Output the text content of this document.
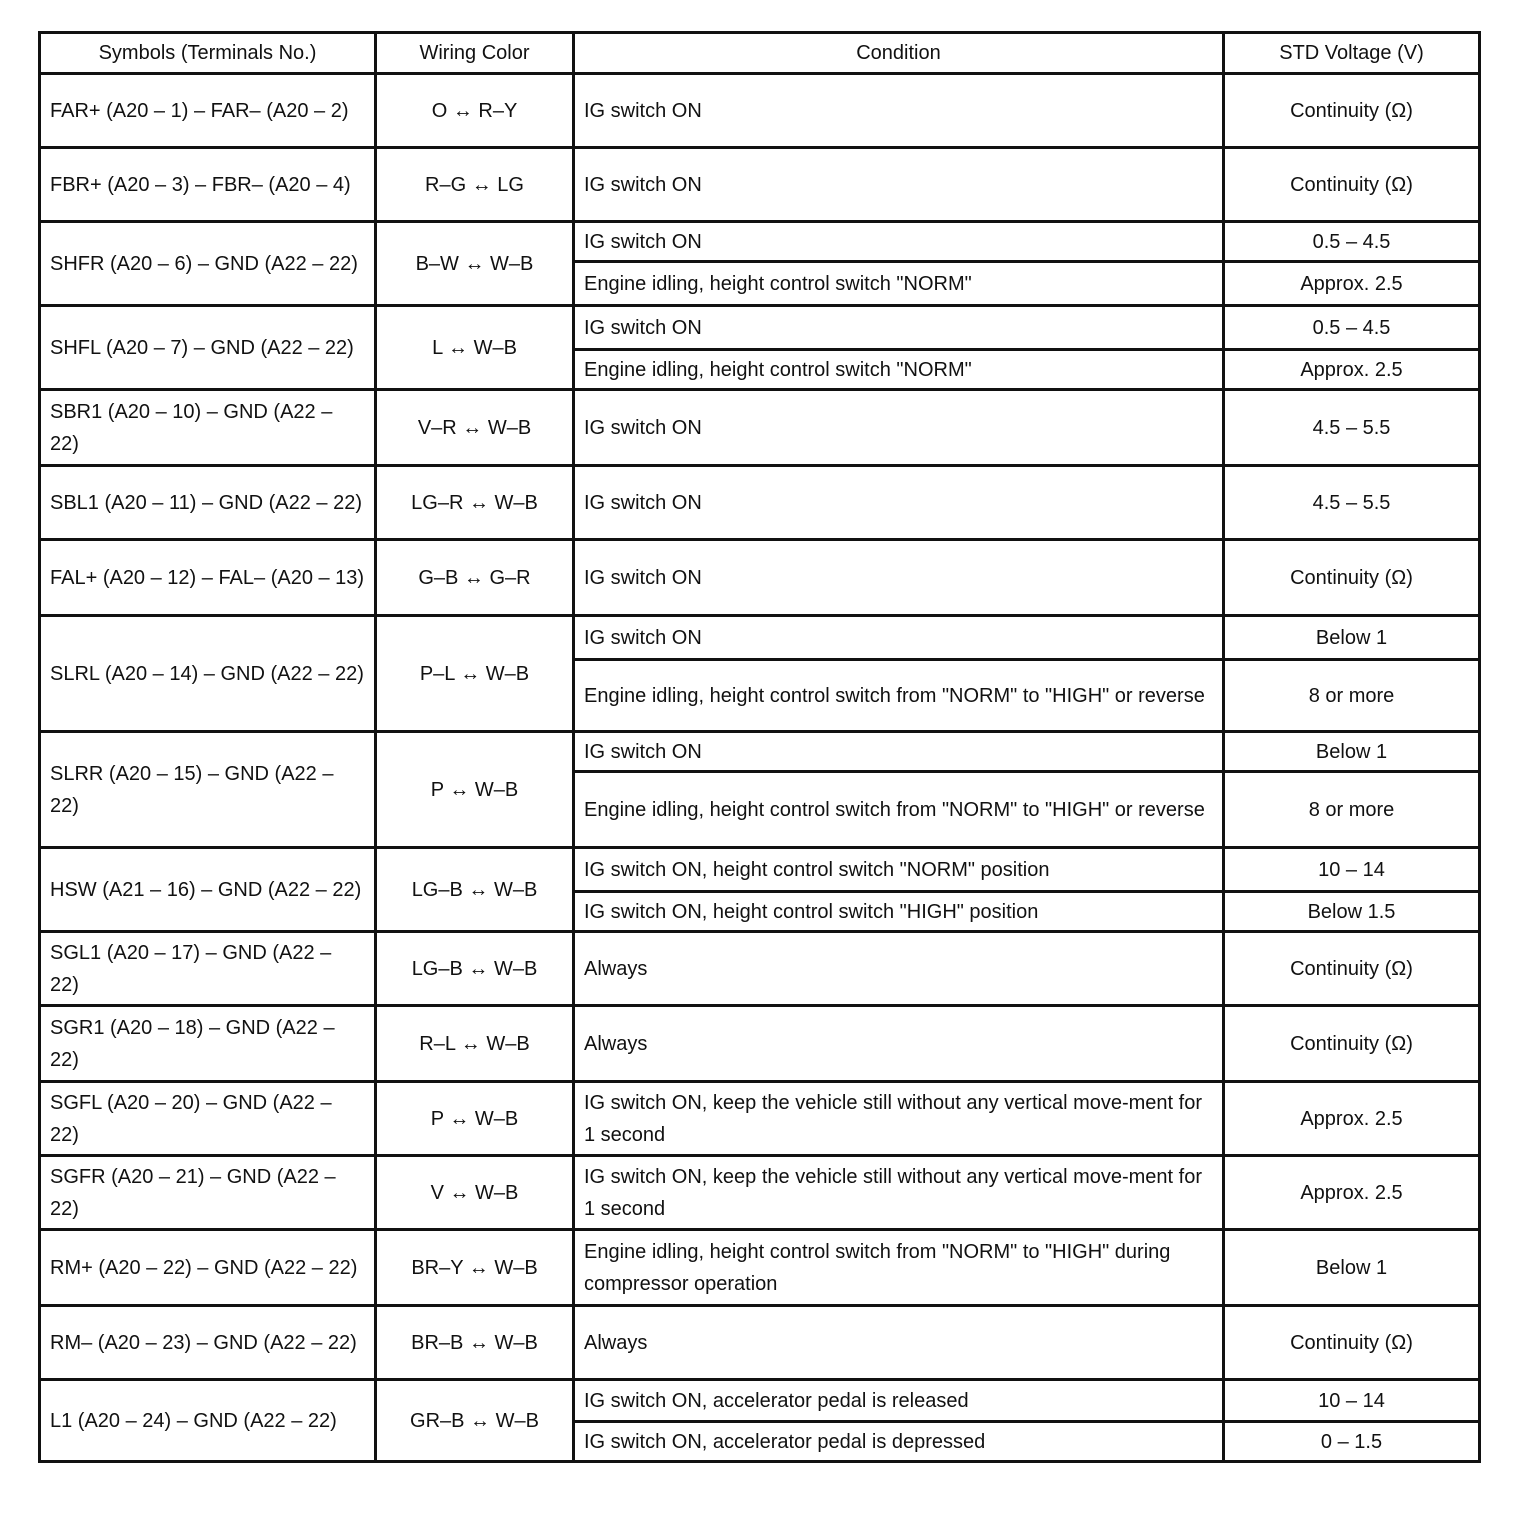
Symbols (Terminals No.)	Wiring Color	Condition	STD Voltage (V)
FAR+ (A20 – 1) – FAR– (A20 – 2)	O ↔ R–Y	IG switch ON	Continuity (Ω)
FBR+ (A20 – 3) – FBR– (A20 – 4)	R–G ↔ LG	IG switch ON	Continuity (Ω)
SHFR (A20 – 6) – GND (A22 – 22)	B–W ↔ W–B	IG switch ON	0.5 – 4.5
		Engine idling, height control switch "NORM"	Approx. 2.5
SHFL (A20 – 7) – GND (A22 – 22)	L ↔ W–B	IG switch ON	0.5 – 4.5
		Engine idling, height control switch "NORM"	Approx. 2.5
SBR1 (A20 – 10) – GND (A22 – 22)	V–R ↔ W–B	IG switch ON	4.5 – 5.5
SBL1 (A20 – 11) – GND (A22 – 22)	LG–R ↔ W–B	IG switch ON	4.5 – 5.5
FAL+ (A20 – 12) – FAL– (A20 – 13)	G–B ↔ G–R	IG switch ON	Continuity (Ω)
SLRL (A20 – 14) – GND (A22 – 22)	P–L ↔ W–B	IG switch ON	Below 1
		Engine idling, height control switch from "NORM" to "HIGH" or reverse	8 or more
SLRR (A20 – 15) – GND (A22 – 22)	P ↔ W–B	IG switch ON	Below 1
		Engine idling, height control switch from "NORM" to "HIGH" or reverse	8 or more
HSW (A21 – 16) – GND (A22 – 22)	LG–B ↔ W–B	IG switch ON, height control switch "NORM" position	10 – 14
		IG switch ON, height control switch "HIGH" position	Below 1.5
SGL1 (A20 – 17) – GND (A22 – 22)	LG–B ↔ W–B	Always	Continuity (Ω)
SGR1 (A20 – 18) – GND (A22 – 22)	R–L ↔ W–B	Always	Continuity (Ω)
SGFL (A20 – 20) – GND (A22 – 22)	P ↔ W–B	IG switch ON, keep the vehicle still without any vertical move-ment for 1 second	Approx. 2.5
SGFR (A20 – 21) – GND (A22 – 22)	V ↔ W–B	IG switch ON, keep the vehicle still without any vertical move-ment for 1 second	Approx. 2.5
RM+ (A20 – 22) – GND (A22 – 22)	BR–Y ↔ W–B	Engine idling, height control switch from "NORM" to "HIGH" during compressor operation	Below 1
RM– (A20 – 23) – GND (A22 – 22)	BR–B ↔ W–B	Always	Continuity (Ω)
L1 (A20 – 24) – GND (A22 – 22)	GR–B ↔ W–B	IG switch ON, accelerator pedal is released	10 – 14
		IG switch ON, accelerator pedal is depressed	0 – 1.5
